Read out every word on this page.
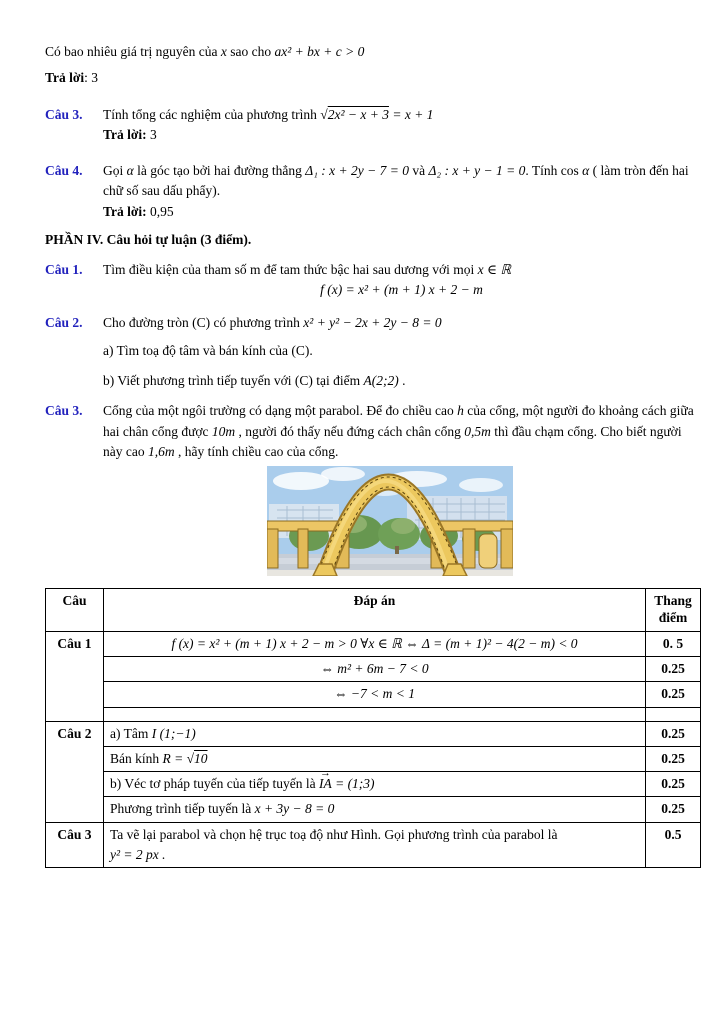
Có bao nhiêu giá trị nguyên của x sao cho ax² + bx + c > 0

Trả lời: 3

Câu 3.	Tính tổng các nghiệm của phương trình √2x² − x + 3 = x + 1

Trả lời: 3

Câu 4.	Gọi α là góc tạo bởi hai đường thẳng Δ₁ : x + 2y − 7 = 0 và Δ₂ : x + y − 1 = 0. Tính cos α ( làm tròn đến hai chữ số sau dấu phẩy).

Trả lời: 0,95

PHẦN IV. Câu hỏi tự luận (3 điểm).

Câu 1.	Tìm điều kiện của tham số m để tam thức bậc hai sau dương với mọi x ∈ ℝ

f (x) = x² + (m + 1) x + 2 − m

Câu 2.	Cho đường tròn (C) có phương trình x² + y² − 2x + 2y − 8 = 0

a) Tìm toạ độ tâm và bán kính của (C).

b) Viết phương trình tiếp tuyến với (C) tại điểm A(2;2) .

Câu 3.	Cổng của một ngôi trường có dạng một parabol. Để đo chiều cao h của cổng, một người đo khoảng cách giữa hai chân cổng được 10m , người đó thấy nếu đứng cách chân cổng 0,5m thì đầu chạm cổng. Cho biết người này cao 1,6m , hãy tính chiều cao của cổng.

Câu	Đáp án	Thang điểm
Câu 1	f (x) = x² + (m + 1) x + 2 − m > 0 ∀x ∈ ℝ ⇔ Δ = (m + 1)² − 4(2 − m) < 0	0. 5
	⇔ m² + 6m − 7 < 0	0.25
	⇔ −7 < m < 1	0.25

Câu 2	a) Tâm I (1;−1)	0.25
	Bán kính R = √10	0.25
	b) Véc tơ pháp tuyến của tiếp tuyến là IA → = (1;3)	0.25
	Phương trình tiếp tuyến là x + 3y − 8 = 0	0.25
Câu 3	Ta vẽ lại parabol và chọn hệ trục toạ độ như Hình. Gọi phương trình của parabol là
y² = 2 px .	0.5
